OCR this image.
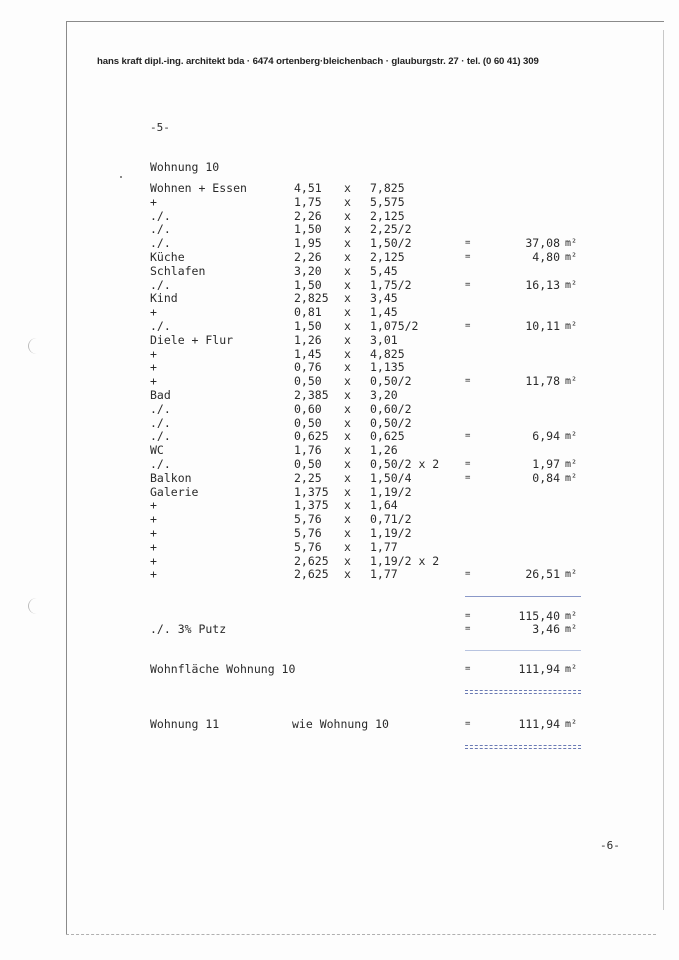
hans kraft dipl.-ing. architekt bda · 6474 ortenberg·bleichenbach · glauburgstr. 27 · tel. (0 60 41) 309
-5-
Wohnung 10
Wohnen + Essen	4,51 x 7,825
+	1,75 x 5,575
./.	2,26 x 2,125
./.	1,50 x 2,25/2
./.	1,95 x 1,50/2	=	37,08 m²
Küche	2,26 x 2,125	=	4,80 m²
Schlafen	3,20 x 5,45
./.	1,50 x 1,75/2	=	16,13 m²
Kind	2,825 x 3,45
+	0,81 x 1,45
./.	1,50 x 1,075/2	=	10,11 m²
Diele + Flur	1,26 x 3,01
+	1,45 x 4,825
+	0,76 x 1,135
+	0,50 x 0,50/2	=	11,78 m²
Bad	2,385 x 3,20
./.	0,60 x 0,60/2
./.	0,50 x 0,50/2
./.	0,625 x 0,625	=	6,94 m²
WC	1,76 x 1,26
./.	0,50 x 0,50/2 x 2	=	1,97 m²
Balkon	2,25 x 1,50/4	=	0,84 m²
Galerie	1,375 x 1,19/2
+	1,375 x 1,64
+	5,76 x 0,71/2
+	5,76 x 1,19/2
+	5,76 x 1,77
+	2,625 x 1,19/2 x 2
+	2,625 x 1,77	=	26,51 m²
=	115,40 m²
./. 3% Putz	=	3,46 m²
Wohnfläche Wohnung 10	=	111,94 m²
Wohnung 11	wie Wohnung 10	=	111,94 m²
-6-
